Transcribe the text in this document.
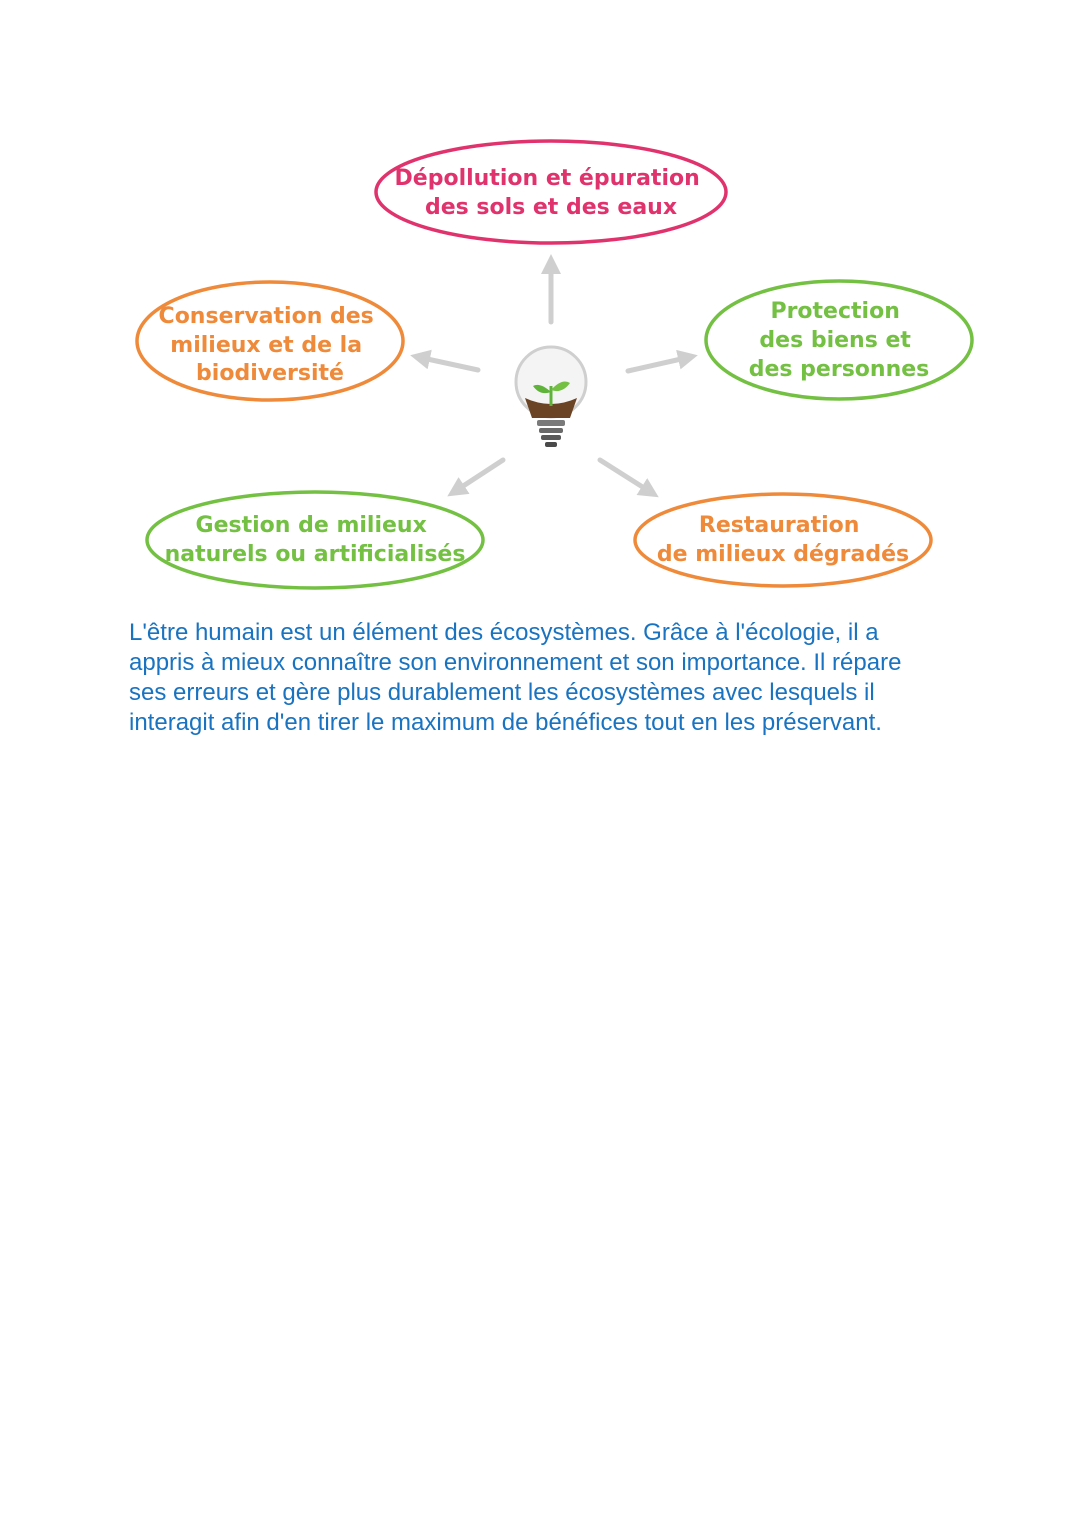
Dépollution et épuration des sols et des eaux
Conservation des milieux et de la biodiversité
Protection des biens et des personnes
Gestion de milieux naturels ou artificialisés
Restauration de milieux dégradés

L'être humain est un élément des écosystèmes. Grâce à l'écologie, il a
appris à mieux connaître son environnement et son importance. Il répare
ses erreurs et gère plus durablement les écosystèmes avec lesquels il
interagit afin d'en tirer le maximum de bénéfices tout en les préservant.
